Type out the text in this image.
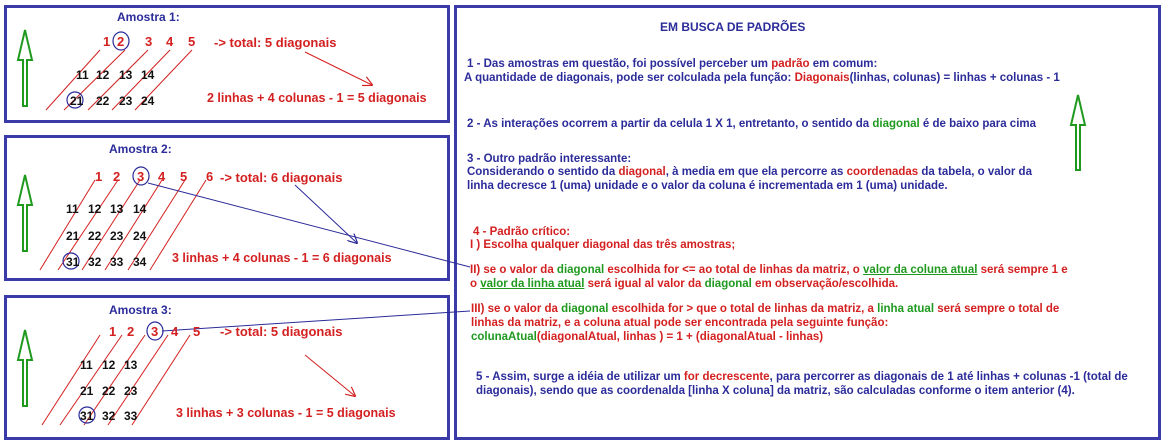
Amostra 1:
1 2 3 4 5 -> total: 5 diagonais
11 12 13 14
21 22 23 24	2 linhas + 4 colunas - 1 = 5 diagonais
Amostra 2:
1 2 3 4 5 6 -> total: 6 diagonais
11 12 13 14
21 22 23 24
31 32 33 34 3 linhas + 4 colunas - 1 = 6 diagonais
Amostra 3:
1 2 3 4 5 -> total: 5 diagonais
11 12 13
21 22 23
31 32 33	3 linhas + 3 colunas - 1 = 5 diagonais
EM BUSCA DE PADRÕES
1 - Das amostras em questão, foi possível perceber um padrão em comum:
A quantidade de diagonais, pode ser colculada pela função: Diagonais(linhas, colunas) = linhas + colunas - 1
2 - As interações ocorrem a partir da celula 1 X 1, entretanto, o sentido da diagonal é de baixo para cima
3 - Outro padrão interessante:
Considerando o sentido da diagonal, à media em que ela percorre as coordenadas da tabela, o valor da
linha decresce 1 (uma) unidade e o valor da coluna é incrementada em 1 (uma) unidade.
4 - Padrão crítico:
I ) Escolha qualquer diagonal das três amostras;
II) se o valor da diagonal escolhida for <= ao total de linhas da matriz, o valor da coluna atual será sempre 1 e
o valor da linha atual será igual al valor da diagonal em observação/escolhida.
III) se o valor da diagonal escolhida for > que o total de linhas da matriz, a linha atual será sempre o total de
linhas da matriz, e a coluna atual pode ser encontrada pela seguinte função:
colunaAtual(diagonalAtual, linhas ) = 1 + (diagonalAtual - linhas)
5 - Assim, surge a idéia de utilizar um for decrescente, para percorrer as diagonais de 1 até linhas + colunas -1 (total de
diagonais), sendo que as coordenalda [linha X coluna] da matriz, são calculadas conforme o item anterior (4).
